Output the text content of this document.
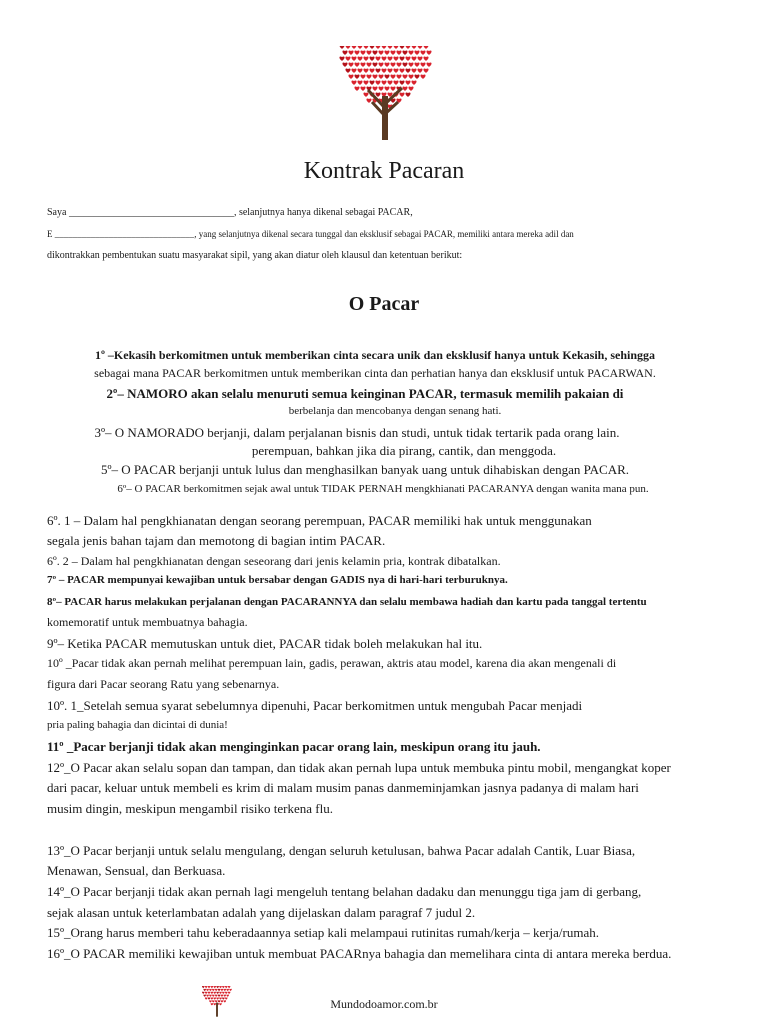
Kontrak Pacaran
Saya _________________________________, selanjutnya hanya dikenal sebagai PACAR,
E _______________________________, yang selanjutnya dikenal secara tunggal dan eksklusif sebagai PACAR, memiliki antara mereka adil dan
dikontrakkan pembentukan suatu masyarakat sipil, yang akan diatur oleh klausul dan ketentuan berikut:
O Pacar
1º –Kekasih berkomitmen untuk memberikan cinta secara unik dan eksklusif hanya untuk Kekasih, sehingga
sebagai mana PACAR berkomitmen untuk memberikan cinta dan perhatian hanya dan eksklusif untuk PACARWAN.
2º– NAMORO akan selalu menuruti semua keinginan PACAR, termasuk memilih pakaian di
berbelanja dan mencobanya dengan senang hati.
3º– O NAMORADO berjanji, dalam perjalanan bisnis dan studi, untuk tidak tertarik pada orang lain.
perempuan, bahkan jika dia pirang, cantik, dan menggoda.
5º– O PACAR berjanji untuk lulus dan menghasilkan banyak uang untuk dihabiskan dengan PACAR.
6º– O PACAR berkomitmen sejak awal untuk TIDAK PERNAH mengkhianati PACARANYA dengan wanita mana pun.
6º. 1 – Dalam hal pengkhianatan dengan seorang perempuan, PACAR memiliki hak untuk menggunakan
segala jenis bahan tajam dan memotong di bagian intim PACAR.
6º. 2 – Dalam hal pengkhianatan dengan seseorang dari jenis kelamin pria, kontrak dibatalkan.
7º – PACAR mempunyai kewajiban untuk bersabar dengan GADIS nya di hari-hari terburuknya.
8º– PACAR harus melakukan perjalanan dengan PACARANNYA dan selalu membawa hadiah dan kartu pada tanggal tertentu
komemoratif untuk membuatnya bahagia.
9º– Ketika PACAR memutuskan untuk diet, PACAR tidak boleh melakukan hal itu.
10º _Pacar tidak akan pernah melihat perempuan lain, gadis, perawan, aktris atau model, karena dia akan mengenali di
figura dari Pacar seorang Ratu yang sebenarnya.
10º. 1_Setelah semua syarat sebelumnya dipenuhi, Pacar berkomitmen untuk mengubah Pacar menjadi
pria paling bahagia dan dicintai di dunia!
11º _Pacar berjanji tidak akan menginginkan pacar orang lain, meskipun orang itu jauh.
12º_O Pacar akan selalu sopan dan tampan, dan tidak akan pernah lupa untuk membuka pintu mobil, mengangkat koper
dari pacar, keluar untuk membeli es krim di malam musim panas danmeminjamkan jasnya padanya di malam hari
musim dingin, meskipun mengambil risiko terkena flu.
13º_O Pacar berjanji untuk selalu mengulang, dengan seluruh ketulusan, bahwa Pacar adalah Cantik, Luar Biasa,
Menawan, Sensual, dan Berkuasa.
14º_O Pacar berjanji tidak akan pernah lagi mengeluh tentang belahan dadaku dan menunggu tiga jam di gerbang,
sejak alasan untuk keterlambatan adalah yang dijelaskan dalam paragraf 7 judul 2.
15º_Orang harus memberi tahu keberadaannya setiap kali melampaui rutinitas rumah/kerja – kerja/rumah.
16º_O PACAR memiliki kewajiban untuk membuat PACARnya bahagia dan memelihara cinta di antara mereka berdua.
Mundodoamor.com.br
